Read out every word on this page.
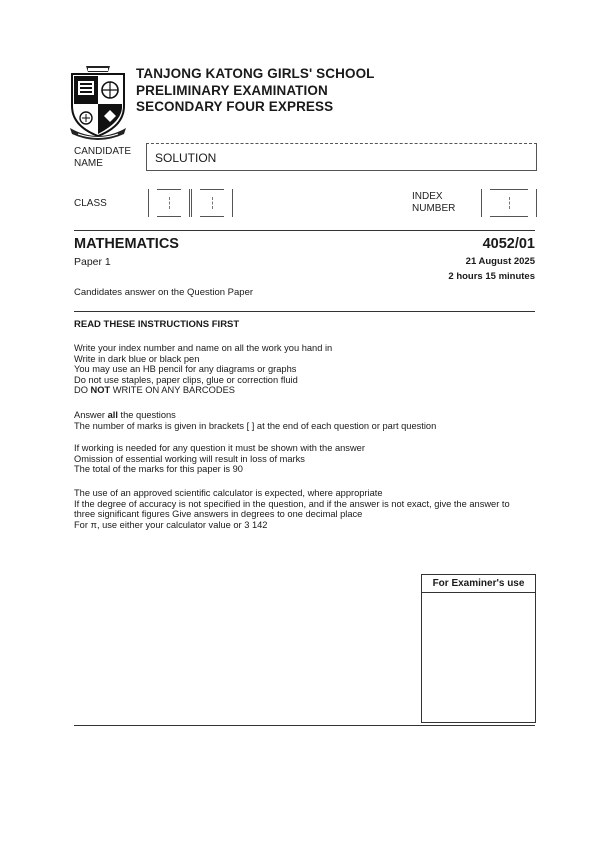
TANJONG KATONG GIRLS' SCHOOL
PRELIMINARY EXAMINATION
SECONDARY FOUR EXPRESS
CANDIDATE
NAME	SOLUTION
CLASS
INDEX
NUMBER
MATHEMATICS	4052/01
Paper 1	21 August 2025
2 hours 15 minutes
Candidates answer on the Question Paper
READ THESE INSTRUCTIONS FIRST
Write your index number and name on all the work you hand in
Write in dark blue or black pen
You may use an HB pencil for any diagrams or graphs
Do not use staples, paper clips, glue or correction fluid
DO NOT WRITE ON ANY BARCODES
Answer all the questions
The number of marks is given in brackets [ ] at the end of each question or part question
If working is needed for any question it must be shown with the answer
Omission of essential working will result in loss of marks
The total of the marks for this paper is 90
The use of an approved scientific calculator is expected, where appropriate
If the degree of accuracy is not specified in the question, and if the answer is not exact, give the answer to
three significant figures Give answers in degrees to one decimal place
For π, use either your calculator value or 3 142
For Examiner's use
